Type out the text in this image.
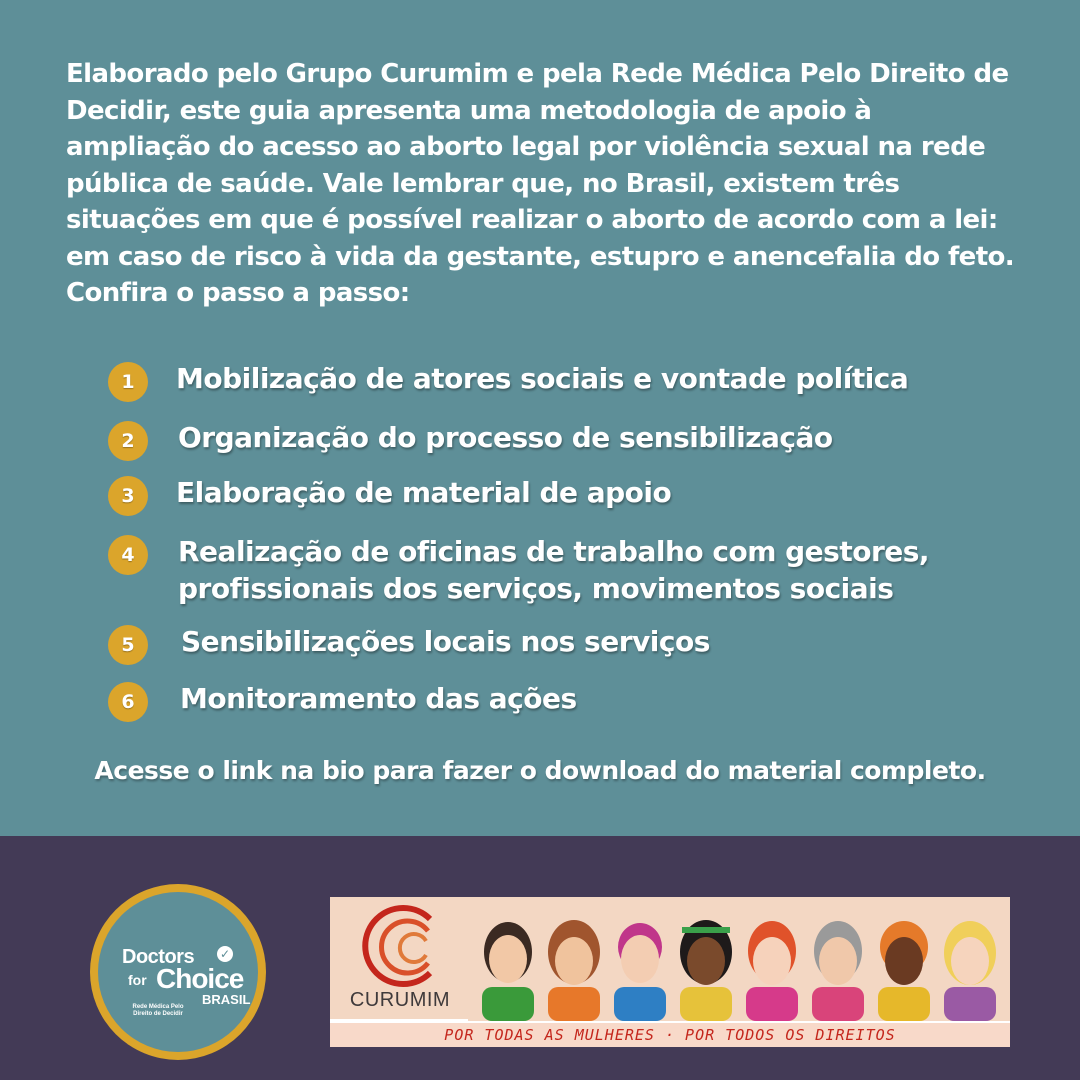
Elaborado pelo Grupo Curumim e pela Rede Médica Pelo Direito de
Decidir, este guia apresenta uma metodologia de apoio à
ampliação do acesso ao aborto legal por violência sexual na rede
pública de saúde. Vale lembrar que, no Brasil, existem três
situações em que é possível realizar o aborto de acordo com a lei:
em caso de risco à vida da gestante, estupro e anencefalia do feto.
Confira o passo a passo:
1	Mobilização de atores sociais e vontade política
2	Organização do processo de sensibilização
3	Elaboração de material de apoio
4	Realização de oficinas de trabalho com gestores,
profissionais dos serviços, movimentos sociais
5	Sensibilizações locais nos serviços
6	Monitoramento das ações
Acesse o link na bio para fazer o download do material completo.
Doctors ✓
for Choice
BRASIL
Rede Médica Pelo Direito de Decidir
CURUMIM
POR TODAS AS MULHERES · POR TODOS OS DIREITOS
